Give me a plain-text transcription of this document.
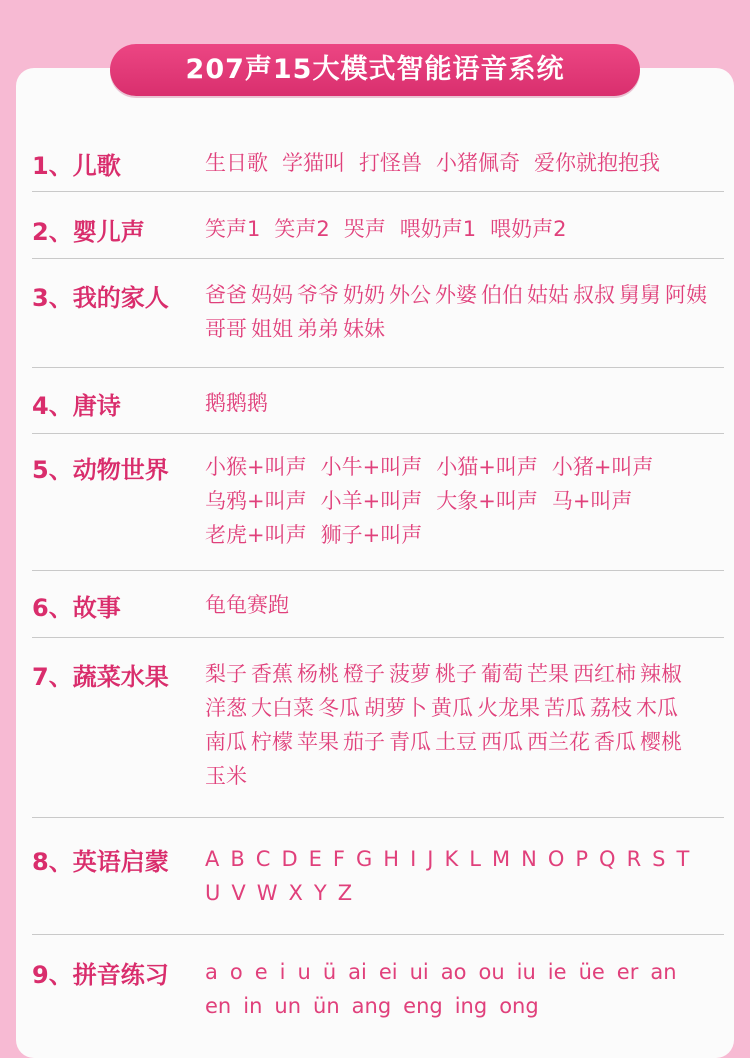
207声15大模式智能语音系统
1、儿歌	生日歌 学猫叫 打怪兽 小猪佩奇 爱你就抱抱我
2、婴儿声	笑声1 笑声2 哭声 喂奶声1 喂奶声2
3、我的家人	爸爸 妈妈 爷爷 奶奶 外公 外婆 伯伯 姑姑 叔叔 舅舅 阿姨哥哥 姐姐 弟弟 妹妹
4、唐诗	鹅鹅鹅
5、动物世界	小猴+叫声 小牛+叫声 小猫+叫声 小猪+叫声乌鸦+叫声 小羊+叫声 大象+叫声 马+叫声老虎+叫声 狮子+叫声
6、故事	龟龟赛跑
7、蔬菜水果	梨子 香蕉 杨桃 橙子 菠萝 桃子 葡萄 芒果 西红柿 辣椒洋葱 大白菜 冬瓜 胡萝卜 黄瓜 火龙果 苦瓜 荔枝 木瓜南瓜 柠檬 苹果 茄子 青瓜 土豆 西瓜 西兰花 香瓜 樱桃玉米
8、英语启蒙	A B C D E F G H I J K L M N O P Q R S TU V W X Y Z
9、拼音练习	a o e i u ü ai ei ui ao ou iu ie üe er anen in un ün ang eng ing ong
